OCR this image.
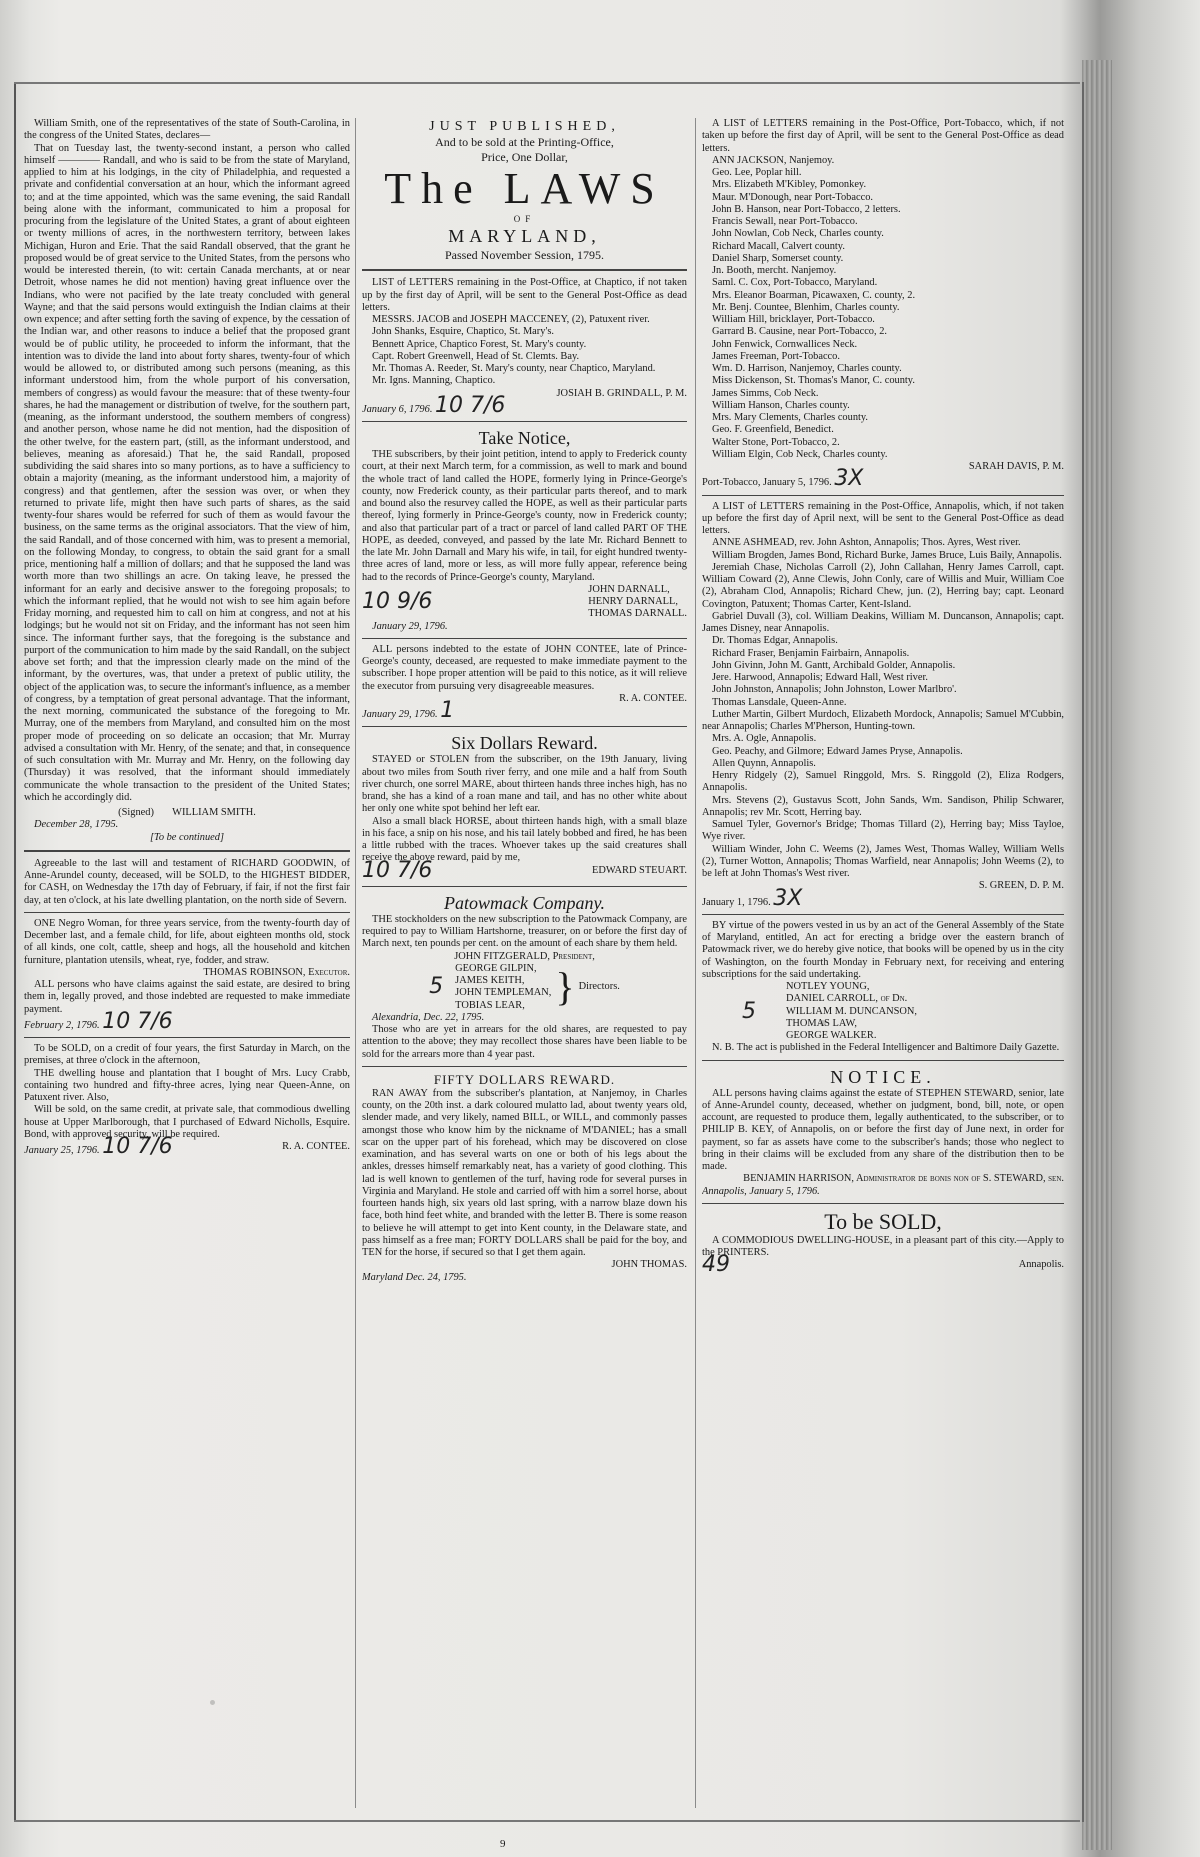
William Smith, one of the representatives of the state of South-Carolina, in the congress of the United States, declares—

That on Tuesday last, the twenty-second instant, a person who called himself ———— Randall, and who is said to be from the state of Maryland, applied to him at his lodgings, in the city of Philadelphia, and requested a private and confidential conversation at an hour, which the informant agreed to; and at the time appointed, which was the same evening, the said Randall being alone with the informant, communicated to him a proposal for procuring from the legislature of the United States, a grant of about eighteen or twenty millions of acres, in the northwestern territory, between lakes Michigan, Huron and Erie. That the said Randall observed, that the grant he proposed would be of great service to the United States, from the persons who would be interested therein, (to wit: certain Canada merchants, at or near Detroit, whose names he did not mention) having great influence over the Indians, who were not pacified by the late treaty concluded with general Wayne; and that the said persons would extinguish the Indian claims at their own expence; and after setting forth the saving of expence, by the cessation of the Indian war, and other reasons to induce a belief that the proposed grant would be of public utility, he proceeded to inform the informant, that the intention was to divide the land into about forty shares, twenty-four of which would be allowed to, or distributed among such persons (meaning, as this informant understood him, from the whole purport of his conversation, members of congress) as would favour the measure: that of these twenty-four shares, he had the management or distribution of twelve, for the southern part, (meaning, as the informant understood, the southern members of congress) and another person, whose name he did not mention, had the disposition of the other twelve, for the eastern part, (still, as the informant understood, and believes, meaning as aforesaid.) That he, the said Randall, proposed subdividing the said shares into so many portions, as to have a sufficiency to obtain a majority (meaning, as the informant understood him, a majority of congress) and that gentlemen, after the session was over, or when they returned to private life, might then have such parts of shares, as the said twenty-four shares would be referred for such of them as would favour the business, on the same terms as the original associators. That the view of him, the said Randall, and of those concerned with him, was to present a memorial, on the following Monday, to congress, to obtain the said grant for a small price, mentioning half a million of dollars; and that he supposed the land was worth more than two shillings an acre. On taking leave, he pressed the informant for an early and decisive answer to the foregoing proposals; to which the informant replied, that he would not wish to see him again before Friday morning, and requested him to call on him at congress, and not at his lodgings; but he would not sit on Friday, and the informant has not seen him since. The informant further says, that the foregoing is the substance and purport of the communication to him made by the said Randall, on the subject above set forth; and that the impression clearly made on the mind of the informant, by the overtures, was, that under a pretext of public utility, the object of the application was, to secure the informant's influence, as a member of congress, by a temptation of great personal advantage. That the informant, the next morning, communicated the substance of the foregoing to Mr. Murray, one of the members from Maryland, and consulted him on the most proper mode of proceeding on so delicate an occasion; that Mr. Murray advised a consultation with Mr. Henry, of the senate; and that, in consequence of such consultation with Mr. Murray and Mr. Henry, on the following day (Thursday) it was resolved, that the informant should immediately communicate the whole transaction to the president of the United States; which he accordingly did.

(Signed) WILLIAM SMITH.

December 28, 1795.

[To be continued]

Agreeable to the last will and testament of RICHARD GOODWIN, of Anne-Arundel county, deceased, will be SOLD, to the HIGHEST BIDDER, for CASH, on Wednesday the 17th day of February, if fair, if not the first fair day, at ten o'clock, at his late dwelling plantation, on the north side of Severn.

ONE Negro Woman, for three years service, from the twenty-fourth day of December last, and a female child, for life, about eighteen months old, stock of all kinds, one colt, cattle, sheep and hogs, all the household and kitchen furniture, plantation utensils, wheat, rye, fodder, and straw.

THOMAS ROBINSON, Executor.

ALL persons who have claims against the said estate, are desired to bring them in, legally proved, and those indebted are requested to make immediate payment.

February 2, 1796. 10 7/6

To be SOLD, on a credit of four years, the first Saturday in March, on the premises, at three o'clock in the afternoon,

THE dwelling house and plantation that I bought of Mrs. Lucy Crabb, containing two hundred and fifty-three acres, lying near Queen-Anne, on Patuxent river. Also,

Will be sold, on the same credit, at private sale, that commodious dwelling house at Upper Marlborough, that I purchased of Edward Nicholls, Esquire. Bond, with approved security, will be required.

January 25, 1796. 10 7/6	R. A. CONTEE.

JUST PUBLISHED,

And to be sold at the Printing-Office,

Price, One Dollar,

The LAWS

OF

MARYLAND,

Passed November Session, 1795.

LIST of LETTERS remaining in the Post-Office, at Chaptico, if not taken up by the first day of April, will be sent to the General Post-Office as dead letters.

MESSRS. JACOB and JOSEPH MACCENEY, (2), Patuxent river.

John Shanks, Esquire, Chaptico, St. Mary's.

Bennett Aprice, Chaptico Forest, St. Mary's county.

Capt. Robert Greenwell, Head of St. Clemts. Bay.

Mr. Thomas A. Reeder, St. Mary's county, near Chaptico, Maryland.

Mr. Igns. Manning, Chaptico.

JOSIAH B. GRINDALL, P. M.

January 6, 1796. 10 7/6

Take Notice,

THE subscribers, by their joint petition, intend to apply to Frederick county court, at their next March term, for a commission, as well to mark and bound the whole tract of land called the HOPE, formerly lying in Prince-George's county, now Frederick county, as their particular parts thereof, and to mark and bound also the resurvey called the HOPE, as well as their particular parts thereof, lying formerly in Prince-George's county, now in Frederick county; and also that particular part of a tract or parcel of land called PART OF THE HOPE, as deeded, conveyed, and passed by the late Mr. Richard Bennett to the late Mr. John Darnall and Mary his wife, in tail, for eight hundred twenty-three acres of land, more or less, as will more fully appear, reference being had to the records of Prince-George's county, Maryland.

10 9/6	JOHN DARNALL,
HENRY DARNALL,
THOMAS DARNALL.

January 29, 1796.

ALL persons indebted to the estate of JOHN CONTEE, late of Prince-George's county, deceased, are requested to make immediate payment to the subscriber. I hope proper attention will be paid to this notice, as it will relieve the executor from pursuing very disagreeable measures.

R. A. CONTEE.

January 29, 1796. 1

Six Dollars Reward.

STAYED or STOLEN from the subscriber, on the 19th January, living about two miles from South river ferry, and one mile and a half from South river church, one sorrel MARE, about thirteen hands three inches high, has no brand, she has a kind of a roan mane and tail, and has no other white about her only one white spot behind her left ear.

Also a small black HORSE, about thirteen hands high, with a small blaze in his face, a snip on his nose, and his tail lately bobbed and fired, he has been a little rubbed with the traces. Whoever takes up the said creatures shall receive the above reward, paid by me,

10 7/6	EDWARD STEUART.

Patowmack Company.

THE stockholders on the new subscription to the Patowmack Company, are required to pay to William Hartshorne, treasurer, on or before the first day of March next, ten pounds per cent. on the amount of each share by them held.

JOHN FITZGERALD, President,

5
GEORGE GILPIN,
JAMES KEITH,
JOHN TEMPLEMAN,
TOBIAS LEAR, } Directors.

Alexandria, Dec. 22, 1795.

Those who are yet in arrears for the old shares, are requested to pay attention to the above; they may recollect those shares have been liable to be sold for the arrears more than 4 year past.

FIFTY DOLLARS REWARD.

RAN AWAY from the subscriber's plantation, at Nanjemoy, in Charles county, on the 20th inst. a dark coloured mulatto lad, about twenty years old, slender made, and very likely, named BILL, or WILL, and commonly passes amongst those who know him by the nickname of M'DANIEL; has a small scar on the upper part of his forehead, which may be discovered on close examination, and has several warts on one or both of his legs about the ankles, dresses himself remarkably neat, has a variety of good clothing. This lad is well known to gentlemen of the turf, having rode for several purses in Virginia and Maryland. He stole and carried off with him a sorrel horse, about fourteen hands high, six years old last spring, with a narrow blaze down his face, both hind feet white, and branded with the letter B. There is some reason to believe he will attempt to get into Kent county, in the Delaware state, and pass himself as a free man; FORTY DOLLARS shall be paid for the boy, and TEN for the horse, if secured so that I get them again.

JOHN THOMAS.

Maryland Dec. 24, 1795.

A LIST of LETTERS remaining in the Post-Office, Port-Tobacco, which, if not taken up before the first day of April, will be sent to the General Post-Office as dead letters.

ANN JACKSON, Nanjemoy.

Geo. Lee, Poplar hill.

Mrs. Elizabeth M'Kibley, Pomonkey.

Maur. M'Donough, near Port-Tobacco.

John B. Hanson, near Port-Tobacco, 2 letters.

Francis Sewall, near Port-Tobacco.

John Nowlan, Cob Neck, Charles county.

Richard Macall, Calvert county.

Daniel Sharp, Somerset county.

Jn. Booth, mercht. Nanjemoy.

Saml. C. Cox, Port-Tobacco, Maryland.

Mrs. Eleanor Boarman, Picawaxen, C. county, 2.

Mr. Benj. Countee, Blenhim, Charles county.

William Hill, bricklayer, Port-Tobacco.

Garrard B. Causine, near Port-Tobacco, 2.

John Fenwick, Cornwallices Neck.

James Freeman, Port-Tobacco.

Wm. D. Harrison, Nanjemoy, Charles county.

Miss Dickenson, St. Thomas's Manor, C. county.

James Simms, Cob Neck.

William Hanson, Charles county.

Mrs. Mary Clements, Charles county.

Geo. F. Greenfield, Benedict.

Walter Stone, Port-Tobacco, 2.

William Elgin, Cob Neck, Charles county.

SARAH DAVIS, P. M.

Port-Tobacco, January 5, 1796. 3X

A LIST of LETTERS remaining in the Post-Office, Annapolis, which, if not taken up before the first day of April next, will be sent to the General Post-Office as dead letters.

ANNE ASHMEAD, rev. John Ashton, Annapolis; Thos. Ayres, West river.

William Brogden, James Bond, Richard Burke, James Bruce, Luis Baily, Annapolis.

Jeremiah Chase, Nicholas Carroll (2), John Callahan, Henry James Carroll, capt. William Coward (2), Anne Clewis, John Conly, care of Willis and Muir, William Coe (2), Abraham Clod, Annapolis; Richard Chew, jun. (2), Herring bay; capt. Leonard Covington, Patuxent; Thomas Carter, Kent-Island.

Gabriel Duvall (3), col. William Deakins, William M. Duncanson, Annapolis; capt. James Disney, near Annapolis.

Dr. Thomas Edgar, Annapolis.

Richard Fraser, Benjamin Fairbairn, Annapolis.

John Givinn, John M. Gantt, Archibald Golder, Annapolis.

Jere. Harwood, Annapolis; Edward Hall, West river.

John Johnston, Annapolis; John Johnston, Lower Marlbro'.

Thomas Lansdale, Queen-Anne.

Luther Martin, Gilbert Murdoch, Elizabeth Mordock, Annapolis; Samuel M'Cubbin, near Annapolis; Charles M'Pherson, Hunting-town.

Mrs. A. Ogle, Annapolis.

Geo. Peachy, and Gilmore; Edward James Pryse, Annapolis.

Allen Quynn, Annapolis.

Henry Ridgely (2), Samuel Ringgold, Mrs. S. Ringgold (2), Eliza Rodgers, Annapolis.

Mrs. Stevens (2), Gustavus Scott, John Sands, Wm. Sandison, Philip Schwarer, Annapolis; rev Mr. Scott, Herring bay.

Samuel Tyler, Governor's Bridge; Thomas Tillard (2), Herring bay; Miss Tayloe, Wye river.

William Winder, John C. Weems (2), James West, Thomas Walley, William Wells (2), Turner Wotton, Annapolis; Thomas Warfield, near Annapolis; John Weems (2), to be left at John Thomas's West river.

S. GREEN, D. P. M.

January 1, 1796. 3X

BY virtue of the powers vested in us by an act of the General Assembly of the State of Maryland, entitled, An act for erecting a bridge over the eastern branch of Patowmack river, we do hereby give notice, that books will be opened by us in the city of Washington, on the fourth Monday in February next, for receiving and entering subscriptions for the said undertaking.

5
NOTLEY YOUNG,
DANIEL CARROLL, of Dn.
WILLIAM M. DUNCANSON,
THOMAS LAW,
GEORGE WALKER.

N. B. The act is published in the Federal Intelligencer and Baltimore Daily Gazette.

NOTICE.

ALL persons having claims against the estate of STEPHEN STEWARD, senior, late of Anne-Arundel county, deceased, whether on judgment, bond, bill, note, or open account, are requested to produce them, legally authenticated, to the subscriber, or to PHILIP B. KEY, of Annapolis, on or before the first day of June next, in order for payment, so far as assets have come to the subscriber's hands; those who neglect to bring in their claims will be excluded from any share of the distribution then to be made.

BENJAMIN HARRISON, Administrator de bonis non of S. STEWARD, sen.

Annapolis, January 5, 1796.

To be SOLD,

A COMMODIOUS DWELLING-HOUSE, in a pleasant part of this city.—Apply to the PRINTERS.

49	Annapolis.

9
